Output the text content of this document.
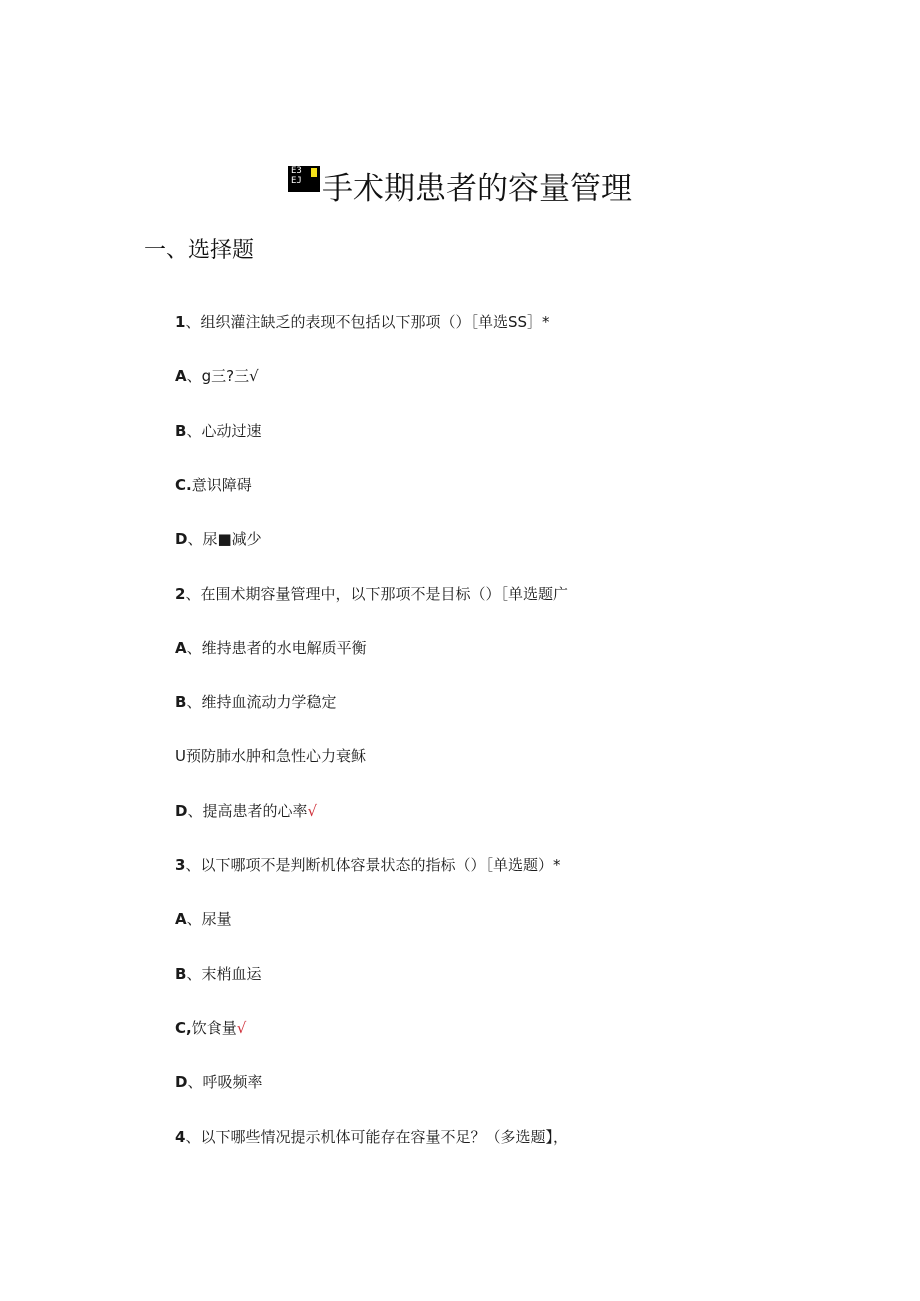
E3
EJ 手术期患者的容量管理
一、选择题
1、组织灌注缺乏的表现不包括以下那项（）［单选SS］*
A、g三?三√
B、心动过速
C.意识障碍
D、尿■减少
2、在围术期容量管理中，以下那项不是目标（）［单选题广
A、维持患者的水电解质平衡
B、维持血流动力学稳定
U预防肺水肿和急性心力衰稣
D、提高患者的心率√
3、以下哪项不是判断机体容景状态的指标（）［单选题）*
A、尿量
B、末梢血运
C,饮食量√
D、呼吸频率
4、以下哪些情况提示机体可能存在容量不足？（多选题】，
